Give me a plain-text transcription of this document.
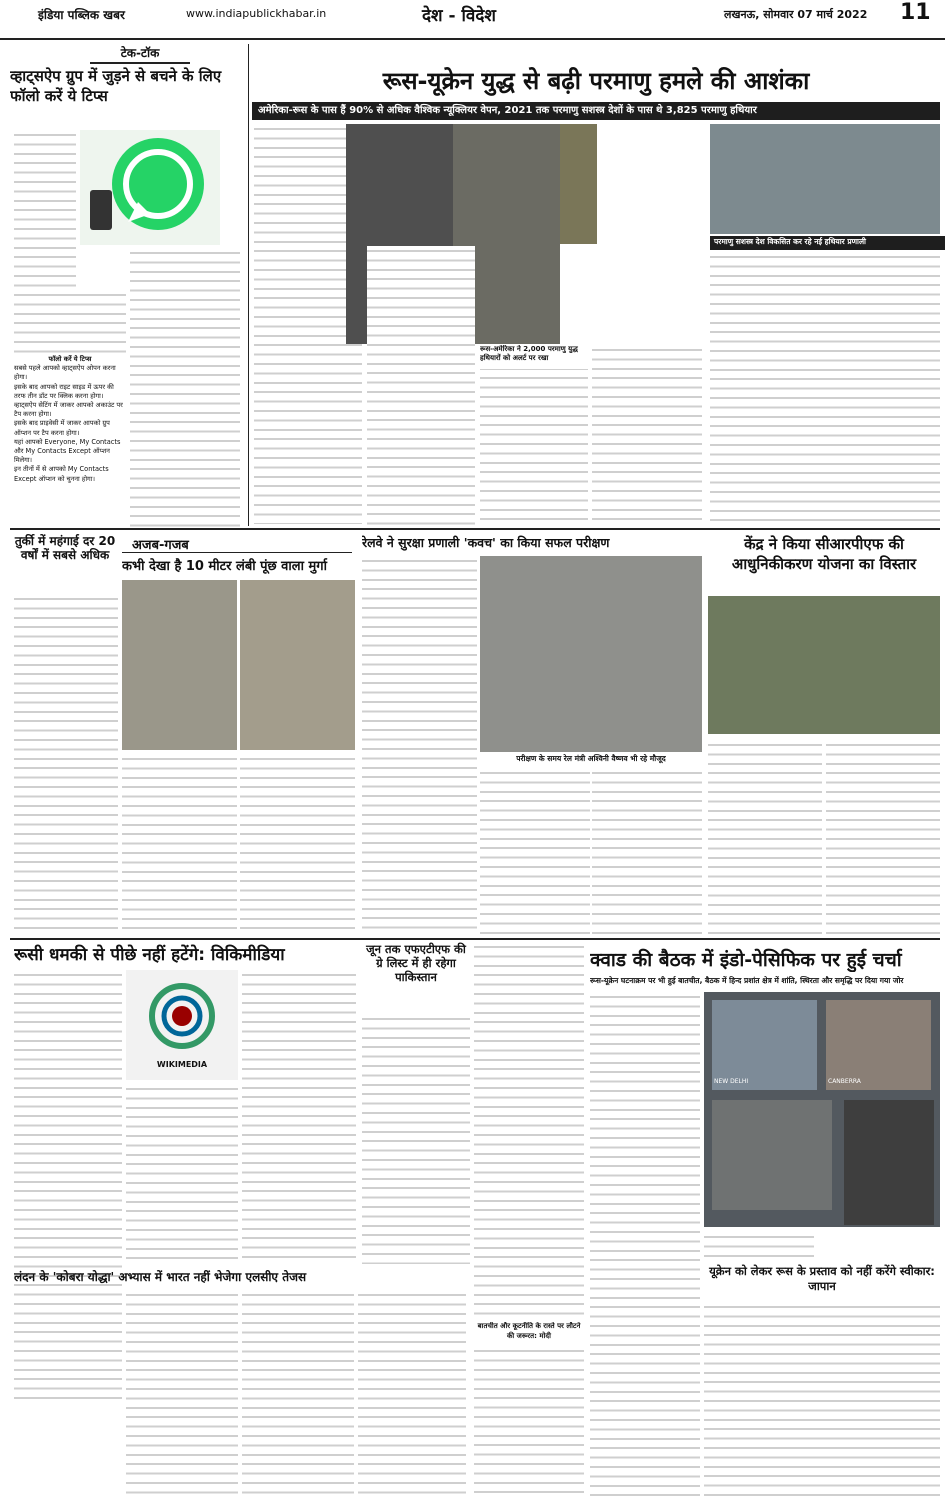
इंडिया पब्लिक खबर	www.indiapublickhabar.in	देश - विदेश	लखनऊ, सोमवार 07 मार्च 2022 11
टेक-टॉक
व्हाट्सऐप ग्रुप में जुड़ने से बचने के लिए फॉलो करें ये टिप्स
फॉलो करें ये टिप्स
सबसे पहले आपको व्हाट्सऐप ओपन करना होगा।
इसके बाद आपको राइट साइड में ऊपर की तरफ तीन डॉट पर क्लिक करना होगा।
व्हाट्सऐप सेटिंग में जाकर आपको अकाउंट पर टैप करना होगा।
इसके बाद प्राइवेसी में जाकर आपको ग्रुप ऑप्शन पर टैप करना होगा।
यहां आपको Everyone, My Contacts और My Contacts Except ऑप्शन मिलेगा।
इन तीनों में से आपको My Contacts Except ऑप्शन को चुनना होगा।
रूस-यूक्रेन युद्ध से बढ़ी परमाणु हमले की आशंका
अमेरिका-रूस के पास हैं 90% से अधिक वैश्विक न्यूक्लियर वेपन, 2021 तक परमाणु सशस्त्र देशों के पास थे 3,825 परमाणु हथियार
रूस-अमेरिका ने 2,000 परमाणु युद्ध हथियारों को अलर्ट पर रखा
परमाणु सशस्त्र देश विकसित कर रहे नई हथियार प्रणाली
तुर्की में महंगाई दर 20 वर्षों में सबसे अधिक
अजब-गजब
कभी देखा है 10 मीटर लंबी पूंछ वाला मुर्गा
रेलवे ने सुरक्षा प्रणाली 'कवच' का किया सफल परीक्षण
परीक्षण के समय रेल मंत्री अश्विनी वैष्णव भी रहे मौजूद
केंद्र ने किया सीआरपीएफ की आधुनिकीकरण योजना का विस्तार
रूसी धमकी से पीछे नहीं हटेंगे: विकिमीडिया
WIKIMEDIA
लंदन के 'कोबरा योद्धा' अभ्यास में भारत नहीं भेजेगा एलसीए तेजस
जून तक एफएटीएफ की ग्रे लिस्ट में ही रहेगा पाकिस्तान
बातचीत और कूटनीति के रास्ते पर लौटने की जरूरत: मोदी
क्वाड की बैठक में इंडो-पेसिफिक पर हुई चर्चा
रूस-यूक्रेन घटनाक्रम पर भी हुई बातचीत, बैठक में हिन्द प्रशांत क्षेत्र में शांति, स्थिरता और समृद्धि पर दिया गया जोर
NEW DELHI	CANBERRA
यूक्रेन को लेकर रूस के प्रस्ताव को नहीं करेंगे स्वीकार: जापान
